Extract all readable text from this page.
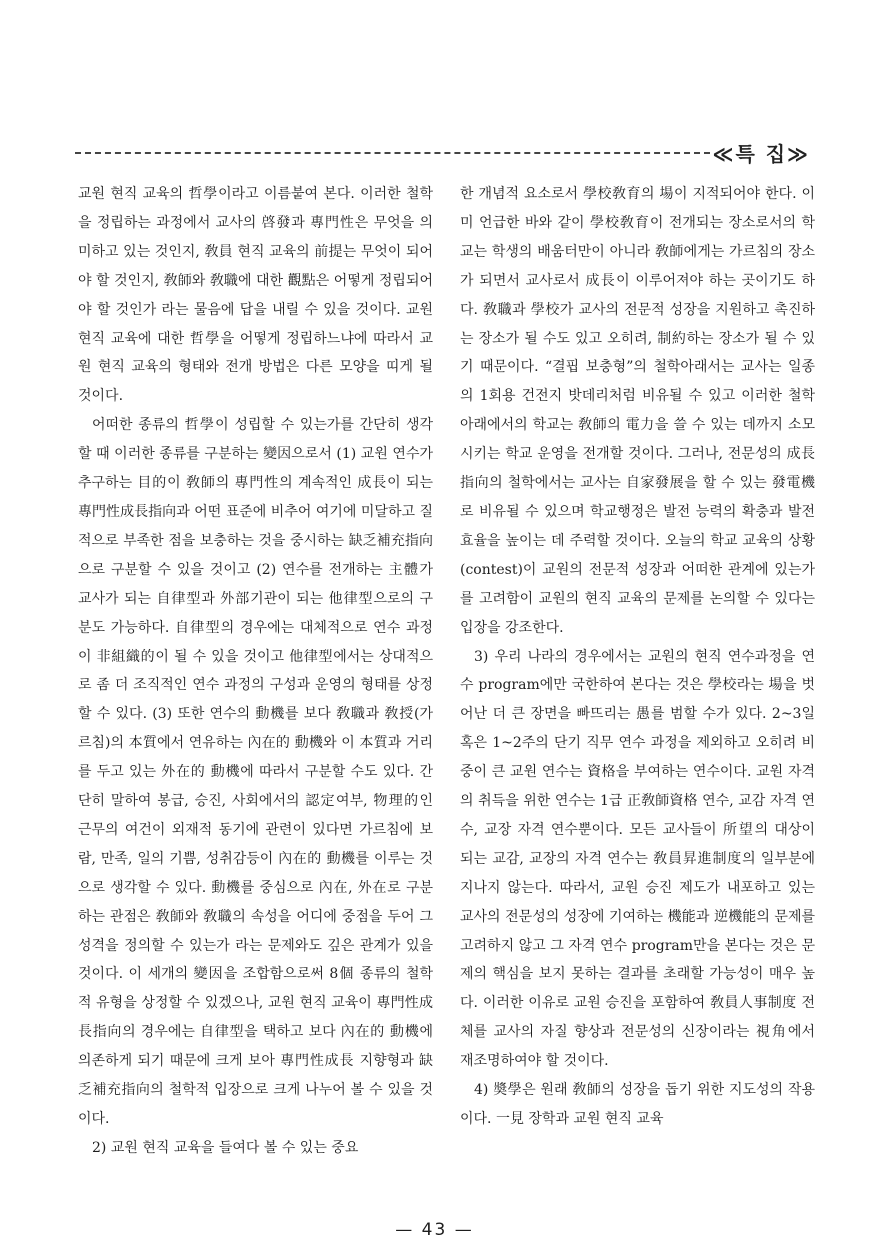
≪특 집≫

교원 현직 교육의 哲學이라고 이름붙여 본다. 이러한 철학을 정립하는 과정에서 교사의 啓發과 專門性은 무엇을 의미하고 있는 것인지, 敎員 현직 교육의 前提는 무엇이 되어야 할 것인지, 敎師와 敎職에 대한 觀點은 어떻게 정립되어야 할 것인가 라는 물음에 답을 내릴 수 있을 것이다. 교원 현직 교육에 대한 哲學을 어떻게 정립하느냐에 따라서 교원 현직 교육의 형태와 전개 방법은 다른 모양을 띠게 될 것이다.

어떠한 종류의 哲學이 성립할 수 있는가를 간단히 생각할 때 이러한 종류를 구분하는 變因으로서 (1) 교원 연수가 추구하는 目的이 敎師의 專門性의 계속적인 成長이 되는 專門性成長指向과 어떤 표준에 비추어 여기에 미달하고 질적으로 부족한 점을 보충하는 것을 중시하는 缺乏補充指向으로 구분할 수 있을 것이고 (2) 연수를 전개하는 主體가 교사가 되는 自律型과 外部기관이 되는 他律型으로의 구분도 가능하다. 自律型의 경우에는 대체적으로 연수 과정이 非組織的이 될 수 있을 것이고 他律型에서는 상대적으로 좀 더 조직적인 연수 과정의 구성과 운영의 형태를 상정할 수 있다. (3) 또한 연수의 動機를 보다 敎職과 敎授(가르침)의 本質에서 연유하는 內在的 動機와 이 本質과 거리를 두고 있는 外在的 動機에 따라서 구분할 수도 있다. 간단히 말하여 봉급, 승진, 사회에서의 認定여부, 物理的인 근무의 여건이 외재적 동기에 관련이 있다면 가르침에 보람, 만족, 일의 기쁨, 성취감등이 內在的 動機를 이루는 것으로 생각할 수 있다. 動機를 중심으로 內在, 外在로 구분하는 관점은 敎師와 敎職의 속성을 어디에 중점을 두어 그 성격을 정의할 수 있는가 라는 문제와도 깊은 관계가 있을 것이다. 이 세개의 變因을 조합함으로써 8個 종류의 철학적 유형을 상정할 수 있겠으나, 교원 현직 교육이 專門性成長指向의 경우에는 自律型을 택하고 보다 內在的 動機에 의존하게 되기 때문에 크게 보아 專門性成長 지향형과 缺乏補充指向의 철학적 입장으로 크게 나누어 볼 수 있을 것이다.

2) 교원 현직 교육을 들여다 볼 수 있는 중요

한 개념적 요소로서 學校敎育의 場이 지적되어야 한다. 이미 언급한 바와 같이 學校敎育이 전개되는 장소로서의 학교는 학생의 배움터만이 아니라 敎師에게는 가르침의 장소가 되면서 교사로서 成長이 이루어져야 하는 곳이기도 하다. 敎職과 學校가 교사의 전문적 성장을 지원하고 촉진하는 장소가 될 수도 있고 오히려, 制約하는 장소가 될 수 있기 때문이다. “결핍 보충형”의 철학아래서는 교사는 일종의 1회용 건전지 밧데리처럼 비유될 수 있고 이러한 철학아래에서의 학교는 敎師의 電力을 쓸 수 있는 데까지 소모시키는 학교 운영을 전개할 것이다. 그러나, 전문성의 成長指向의 철학에서는 교사는 自家發展을 할 수 있는 發電機로 비유될 수 있으며 학교행정은 발전 능력의 확충과 발전 효율을 높이는 데 주력할 것이다. 오늘의 학교 교육의 상황 (contest)이 교원의 전문적 성장과 어떠한 관계에 있는가를 고려함이 교원의 현직 교육의 문제를 논의할 수 있다는 입장을 강조한다.

3) 우리 나라의 경우에서는 교원의 현직 연수과정을 연수 program에만 국한하여 본다는 것은 學校라는 場을 벗어난 더 큰 장면을 빠뜨리는 愚를 범할 수가 있다. 2~3일 혹은 1~2주의 단기 직무 연수 과정을 제외하고 오히려 비중이 큰 교원 연수는 資格을 부여하는 연수이다. 교원 자격의 취득을 위한 연수는 1급 正敎師資格 연수, 교감 자격 연수, 교장 자격 연수뿐이다. 모든 교사들이 所望의 대상이 되는 교감, 교장의 자격 연수는 敎員昇進制度의 일부분에 지나지 않는다. 따라서, 교원 승진 제도가 내포하고 있는 교사의 전문성의 성장에 기여하는 機能과 逆機能의 문제를 고려하지 않고 그 자격 연수 program만을 본다는 것은 문제의 핵심을 보지 못하는 결과를 초래할 가능성이 매우 높다. 이러한 이유로 교원 승진을 포함하여 敎員人事制度 전체를 교사의 자질 향상과 전문성의 신장이라는 視角에서 재조명하여야 할 것이다.

4) 奬學은 원래 敎師의 성장을 돕기 위한 지도성의 작용이다. 一見 장학과 교원 현직 교육

— 43 —
